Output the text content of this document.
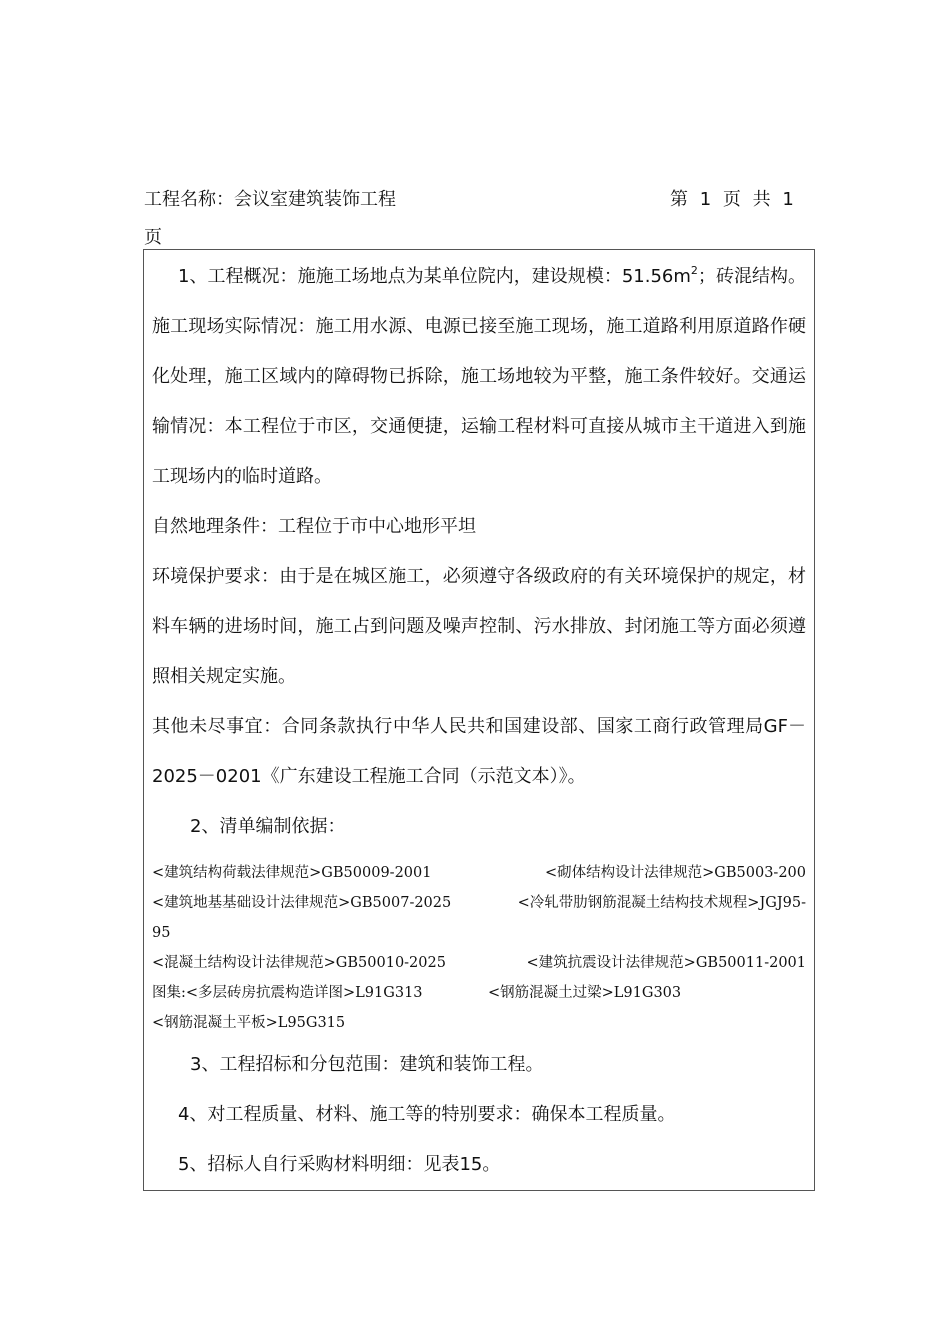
工程名称：会议室建筑装饰工程	第 1 页 共 1
页

1、工程概况：施施工场地点为某单位院内，建设规模：$51.56m^2$；砖混结构。施工现场实际情况：施工用水源、电源已接至施工现场，施工道路利用原道路作硬化处理，施工区域内的障碍物已拆除，施工场地较为平整，施工条件较好。交通运输情况：本工程位于市区，交通便捷，运输工程材料可直接从城市主干道进入到施工现场内的临时道路。

自然地理条件：工程位于市中心地形平坦

环境保护要求：由于是在城区施工，必须遵守各级政府的有关环境保护的规定，材料车辆的进场时间，施工占到问题及噪声控制、污水排放、封闭施工等方面必须遵照相关规定实施。

其他未尽事宜：合同条款执行中华人民共和国建设部、国家工商行政管理局GF－2025－0201《广东建设工程施工合同（示范文本）》。

2、清单编制依据：

<建筑结构荷载法律规范>GB50009-2001	<砌体结构设计法律规范>GB5003-200
<建筑地基基础设计法律规范>GB5007-2025	<冷轧带肋钢筋混凝土结构技术规程>JGJ95-
95
<混凝土结构设计法律规范>GB50010-2025	<建筑抗震设计法律规范>GB50011-2001
图集:<多层砖房抗震构造详图>L91G313	<钢筋混凝土过梁>L91G303
<钢筋混凝土平板>L95G315

3、工程招标和分包范围：建筑和装饰工程。

4、对工程质量、材料、施工等的特别要求：确保本工程质量。

5、招标人自行采购材料明细：见表15。
